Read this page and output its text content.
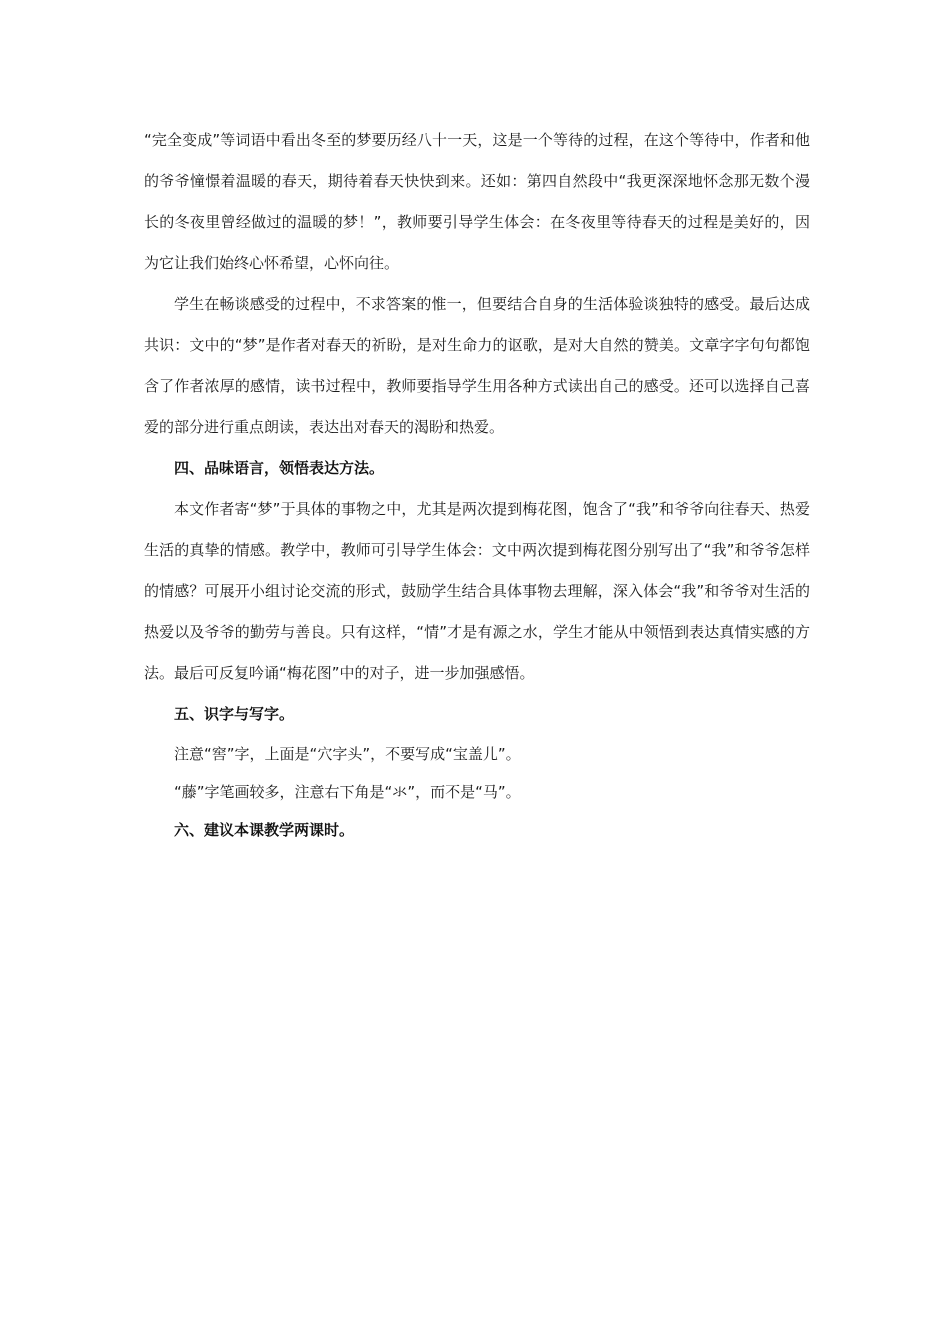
“完全变成”等词语中看出冬至的梦要历经八十一天，这是一个等待的过程，在这个等待中，作者和他的爷爷憧憬着温暖的春天，期待着春天快快到来。还如：第四自然段中“我更深深地怀念那无数个漫长的冬夜里曾经做过的温暖的梦！”，教师要引导学生体会：在冬夜里等待春天的过程是美好的，因为它让我们始终心怀希望，心怀向往。

学生在畅谈感受的过程中，不求答案的惟一，但要结合自身的生活体验谈独特的感受。最后达成共识：文中的“梦”是作者对春天的祈盼，是对生命力的讴歌，是对大自然的赞美。文章字字句句都饱含了作者浓厚的感情，读书过程中，教师要指导学生用各种方式读出自己的感受。还可以选择自己喜爱的部分进行重点朗读，表达出对春天的渴盼和热爱。

四、品味语言，领悟表达方法。

本文作者寄“梦”于具体的事物之中，尤其是两次提到梅花图，饱含了“我”和爷爷向往春天、热爱生活的真挚的情感。教学中，教师可引导学生体会：文中两次提到梅花图分别写出了“我”和爷爷怎样的情感？可展开小组讨论交流的形式，鼓励学生结合具体事物去理解，深入体会“我”和爷爷对生活的热爱以及爷爷的勤劳与善良。只有这样，“情”才是有源之水，学生才能从中领悟到表达真情实感的方法。最后可反复吟诵“梅花图”中的对子，进一步加强感悟。

五、识字与写字。

注意“窖”字，上面是“穴字头”，不要写成“宝盖儿”。

“藤”字笔画较多，注意右下角是“氺”，而不是“马”。

六、建议本课教学两课时。
